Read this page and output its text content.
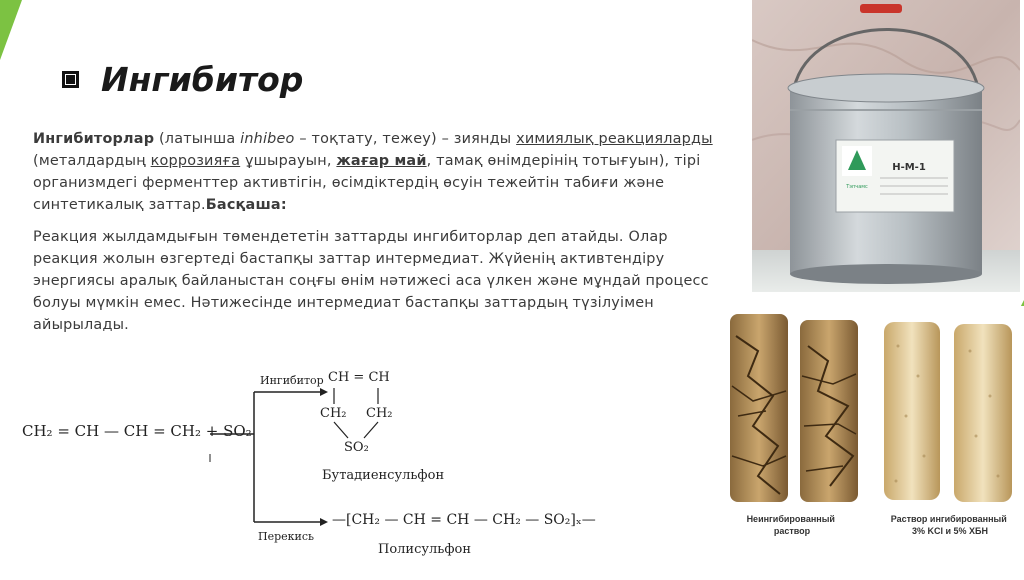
Ингибитор

Ингибиторлар (латынша inhibeo – тоқтату, тежеу) – зиянды химиялық реакцияларды (металдардың коррозияға ұшырауын, жағар май, тамақ өнімдерінің тотығуын), тірі организмдегі ферменттер активтігін, өсімдіктердің өсуін тежейтін табиғи және синтетикалық заттар.Басқаша:

Реакция жылдамдығын төмендететін заттарды ингибиторлар деп атайды. Олар реакция жолын өзгертеді бастапқы заттар интермедиат. Жүйенің активтендіру энергиясы аралық байланыстан соңғы өнім нәтижесі аса үлкен және мұндай процесс болуы мүмкін емес. Нәтижесінде интермедиат бастапқы заттардың түзілуімен айырылады.

Н-М-1
Тэпчамс
Неингибированный раствор
Раствор ингибированный 3% KCl и 5% ХБН
CH₂ = CH — CH = CH₂ + SO₂
Ингибитор CH = CH
CH₂ CH₂
SO₂
Бутадиенсульфон
Перекись
—[CH₂ — CH = CH — CH₂ — SO₂]ₓ—
Полисульфон
